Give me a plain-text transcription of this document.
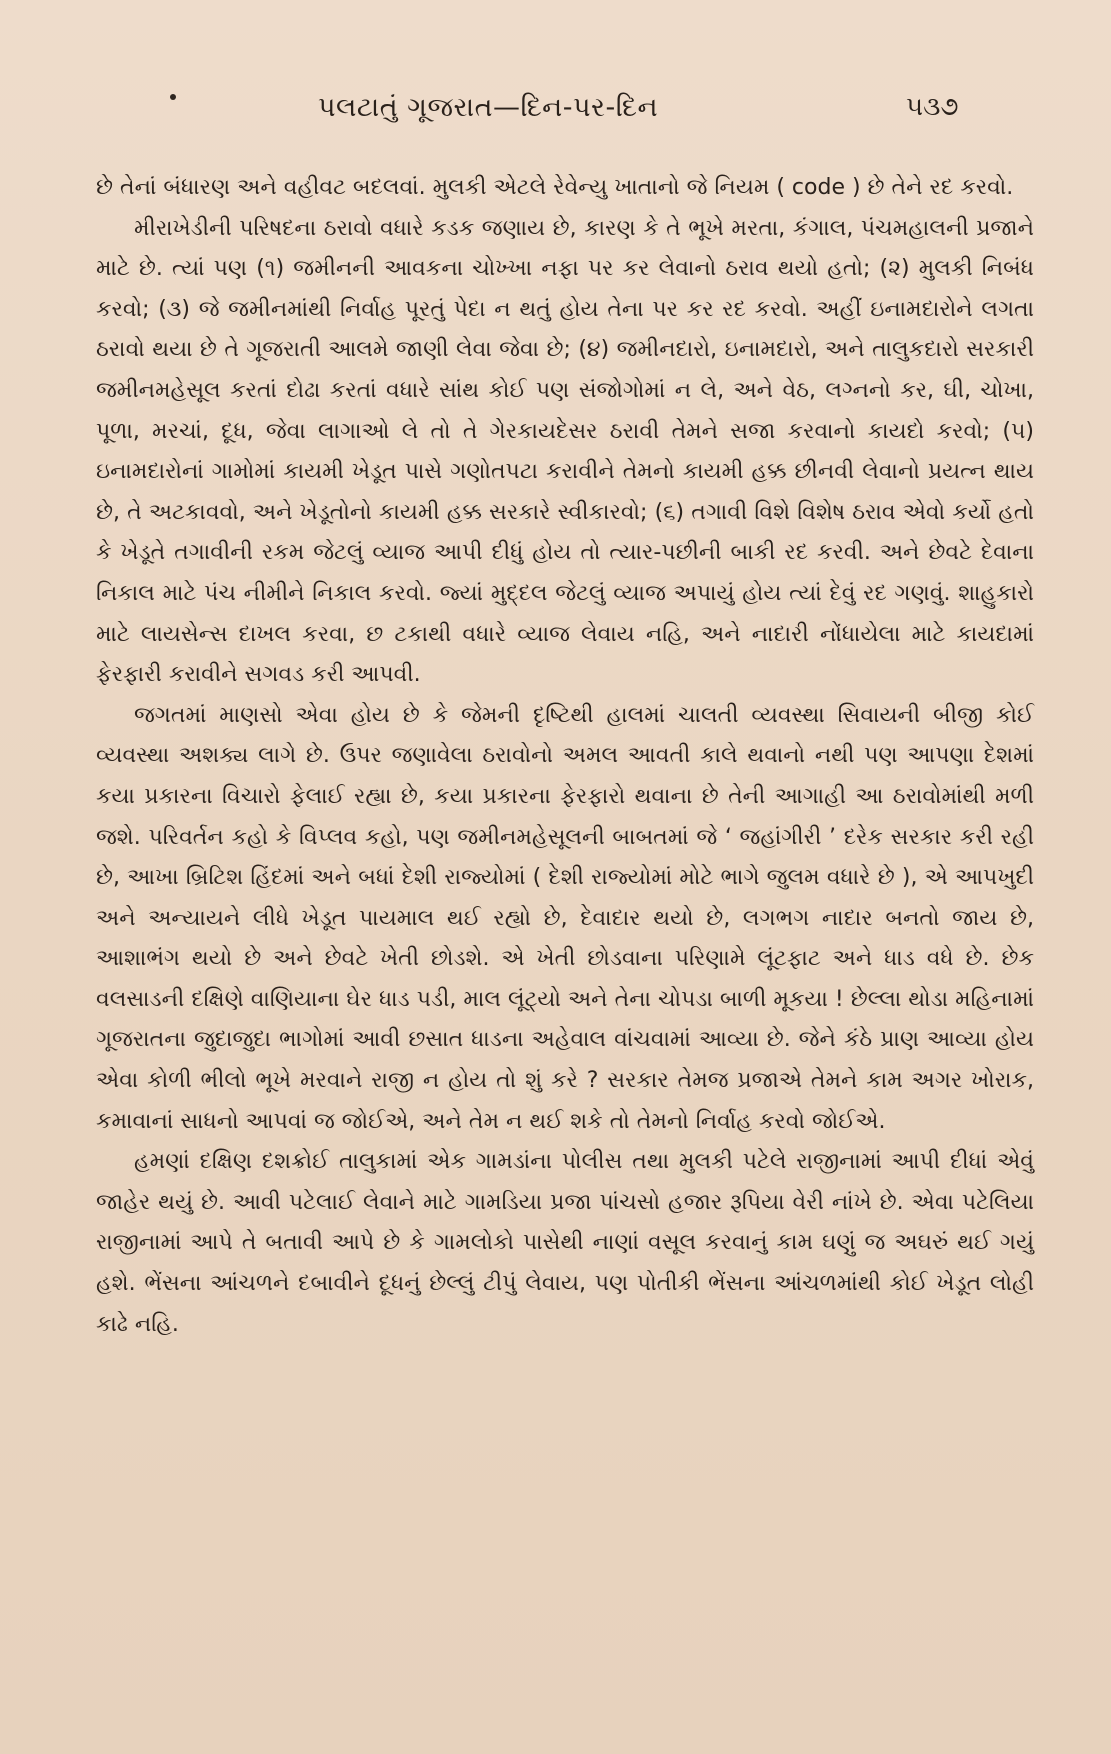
પલટાતું ગૂજરાત—દિન-પર-દિન	૫૩૭

છે તેનાં બંધારણ અને વહીવટ બદલવાં. મુલકી એટલે રેવેન્યુ ખાતાનો જે નિયમ ( code ) છે તેને રદ કરવો.

મીરાખેડીની પરિષદના ઠરાવો વધારે કડક જણાય છે, કારણ કે તે ભૂખે મરતા, કંગાલ, પંચમહાલની પ્રજાને માટે છે. ત્યાં પણ (૧) જમીનની આવકના ચોખ્ખા નફા પર કર લેવાનો ઠરાવ થયો હતો; (૨) મુલકી નિબંધ કરવો; (૩) જે જમીનમાંથી નિર્વાહ પૂરતું પેદા ન થતું હોય તેના પર કર રદ કરવો. અહીં ઇનામદારોને લગતા ઠરાવો થયા છે તે ગૂજરાતી આલમે જાણી લેવા જેવા છે; (૪) જમીનદારો, ઇનામદારો, અને તાલુકદારો સરકારી જમીનમહેસૂલ કરતાં દોઢા કરતાં વધારે સાંથ કોઈ પણ સંજોગોમાં ન લે, અને વેઠ, લગ્નનો કર, ઘી, ચોખા, પૂળા, મરચાં, દૂધ, જેવા લાગાઓ લે તો તે ગેરકાયદેસર ઠરાવી તેમને સજા કરવાનો કાયદો કરવો; (૫) ઇનામદારોનાં ગામોમાં કાયમી ખેડૂત પાસે ગણોતપટા કરાવીને તેમનો કાયમી હક્ક છીનવી લેવાનો પ્રયત્ન થાય છે, તે અટકાવવો, અને ખેડૂતોનો કાયમી હક્ક સરકારે સ્વીકારવો; (૬) તગાવી વિશે વિશેષ ઠરાવ એવો કર્યો હતો કે ખેડૂતે તગાવીની રકમ જેટલું વ્યાજ આપી દીધું હોય તો ત્યાર-પછીની બાકી રદ કરવી. અને છેવટે દેવાના નિકાલ માટે પંચ નીમીને નિકાલ કરવો. જ્યાં મુદ્દલ જેટલું વ્યાજ અપાયું હોય ત્યાં દેવું રદ ગણવું. શાહુકારો માટે લાયસેન્સ દાખલ કરવા, છ ટકાથી વધારે વ્યાજ લેવાય નહિ, અને નાદારી નોંધાયેલા માટે કાયદામાં ફેરફારી કરાવીને સગવડ કરી આપવી.

જગતમાં માણસો એવા હોય છે કે જેમની દૃષ્ટિથી હાલમાં ચાલતી વ્યવસ્થા સિવાયની બીજી કોઈ વ્યવસ્થા અશક્ય લાગે છે. ઉપર જણાવેલા ઠરાવોનો અમલ આવતી કાલે થવાનો નથી પણ આપણા દેશમાં કયા પ્રકારના વિચારો ફેલાઈ રહ્યા છે, કયા પ્રકારના ફેરફારો થવાના છે તેની આગાહી આ ઠરાવોમાંથી મળી જશે. પરિવર્તન કહો કે વિપ્લવ કહો, પણ જમીનમહેસૂલની બાબતમાં જે ‘ જહાંગીરી ’ દરેક સરકાર કરી રહી છે, આખા બ્રિટિશ હિંદમાં અને બધાં દેશી રાજ્યોમાં ( દેશી રાજ્યોમાં મોટે ભાગે જુલમ વધારે છે ), એ આપખુદી અને અન્યાયને લીધે ખેડૂત પાયમાલ થઈ રહ્યો છે, દેવાદાર થયો છે, લગભગ નાદાર બનતો જાય છે, આશાભંગ થયો છે અને છેવટે ખેતી છોડશે. એ ખેતી છોડવાના પરિણામે લૂંટફાટ અને ધાડ વધે છે. છેક વલસાડની દક્ષિણે વાણિયાના ઘેર ધાડ પડી, માલ લૂંટ્યો અને તેના ચોપડા બાળી મૂકયા ! છેલ્લા થોડા મહિનામાં ગૂજરાતના જુદાજુદા ભાગોમાં આવી છસાત ધાડના અહેવાલ વાંચવામાં આવ્યા છે. જેને કંઠે પ્રાણ આવ્યા હોય એવા કોળી ભીલો ભૂખે મરવાને રાજી ન હોય તો શું કરે ? સરકાર તેમજ પ્રજાએ તેમને કામ અગર ખોરાક, કમાવાનાં સાધનો આપવાં જ જોઈએ, અને તેમ ન થઈ શકે તો તેમનો નિર્વાહ કરવો જોઈએ.

હમણાં દક્ષિણ દશક્રોઈ તાલુકામાં એક ગામડાંના પોલીસ તથા મુલકી પટેલે રાજીનામાં આપી દીધાં એવું જાહેર થયું છે. આવી પટેલાઈ લેવાને માટે ગામડિયા પ્રજા પાંચસો હજાર રૂપિયા વેરી નાંખે છે. એવા પટેલિયા રાજીનામાં આપે તે બતાવી આપે છે કે ગામલોકો પાસેથી નાણાં વસૂલ કરવાનું કામ ઘણું જ અઘરું થઈ ગયું હશે. ભેંસના આંચળને દબાવીને દૂધનું છેલ્લું ટીપું લેવાય, પણ પોતીકી ભેંસના આંચળમાંથી કોઈ ખેડૂત લોહી કાઢે નહિ.
